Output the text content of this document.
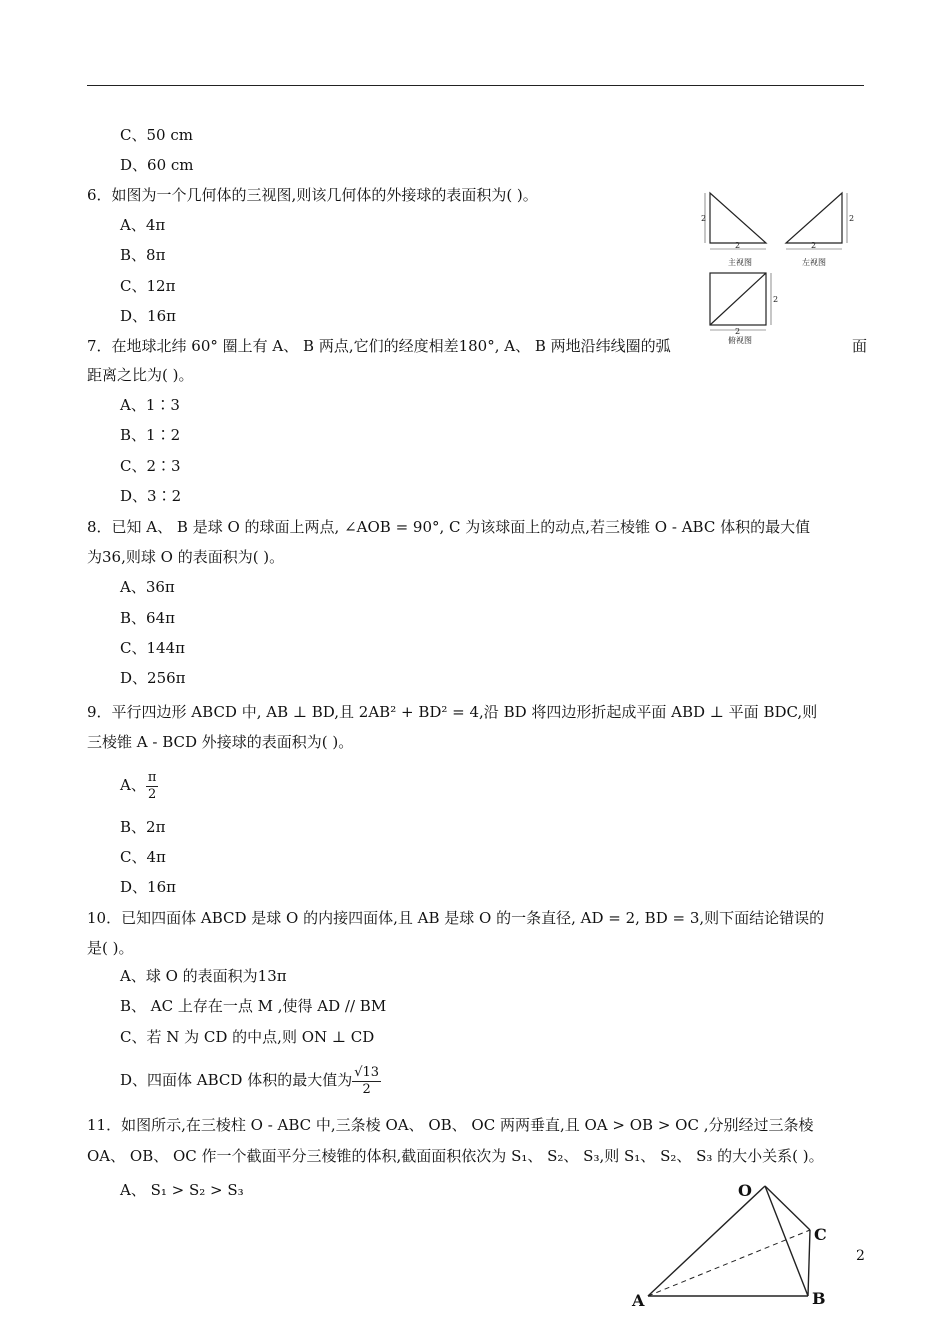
C、50 cm
D、60 cm
6．如图为一个几何体的三视图,则该几何体的外接球的表面积为( )。
A、4π
B、8π
C、12π
D、16π
2
2
主视图
2
2
左视图
2
2
俯视图
7．在地球北纬 60° 圈上有 A、 B 两点,它们的经度相差180°, A、 B 两地沿纬线圈的弧	面
距离之比为( )。
A、1∶3
B、1∶2
C、2∶3
D、3∶2
8．已知 A、 B 是球 O 的球面上两点, ∠AOB = 90°, C 为该球面上的动点,若三棱锥 O - ABC 体积的最大值
为36,则球 O 的表面积为( )。
A、36π
B、64π
C、144π
D、256π
9．平行四边形 ABCD 中, AB ⊥ BD,且 2AB² + BD² = 4,沿 BD 将四边形折起成平面 ABD ⊥ 平面 BDC,则
三棱锥 A - BCD 外接球的表面积为( )。
A、 $\frac{\pi}{2}$
B、2π
C、4π
D、16π
10．已知四面体 ABCD 是球 O 的内接四面体,且 AB 是球 O 的一条直径, AD = 2, BD = 3,则下面结论错误的
是( )。
A、球 O 的表面积为13π
B、 AC 上存在一点 M ,使得 AD // BM
C、若 N 为 CD 的中点,则 ON ⊥ CD
D、四面体 ABCD 体积的最大值为 $\frac{√13}{2}$
11．如图所示,在三棱柱 O - ABC 中,三条棱 OA、 OB、 OC 两两垂直,且 OA > OB > OC ,分别经过三条棱
OA、 OB、 OC 作一个截面平分三棱锥的体积,截面面积依次为 S₁、 S₂、 S₃,则 S₁、 S₂、 S₃ 的大小关系( )。
A、 S₁ > S₂ > S₃	O
A	B
C
2
